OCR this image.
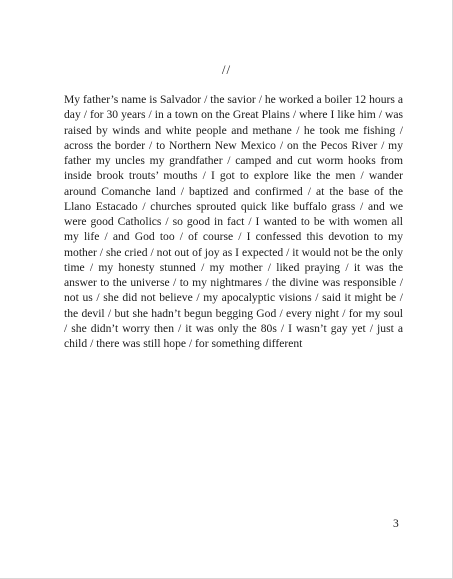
//

My father’s name is Salvador / the savior / he worked a boiler 12 hours a day / for 30 years / in a town on the Great Plains / where I like him / was raised by winds and white people and methane / he took me fishing / across the border / to Northern New Mexico / on the Pecos River / my father my uncles my grandfather / camped and cut worm hooks from inside brook trouts’ mouths / I got to explore like the men / wander around Comanche land / baptized and confirmed / at the base of the Llano Estacado / churches sprouted quick like buffalo grass / and we were good Catholics / so good in fact / I wanted to be with women all my life / and God too / of course / I confessed this devotion to my mother / she cried / not out of joy as I expected / it would not be the only time / my honesty stunned / my mother / liked praying / it was the answer to the universe / to my nightmares / the divine was responsible / not us / she did not believe / my apocalyptic visions / said it might be / the devil / but she hadn’t begun begging God / every night / for my soul / she didn’t worry then / it was only the 80s / I wasn’t gay yet / just a child / there was still hope / for something different

3
